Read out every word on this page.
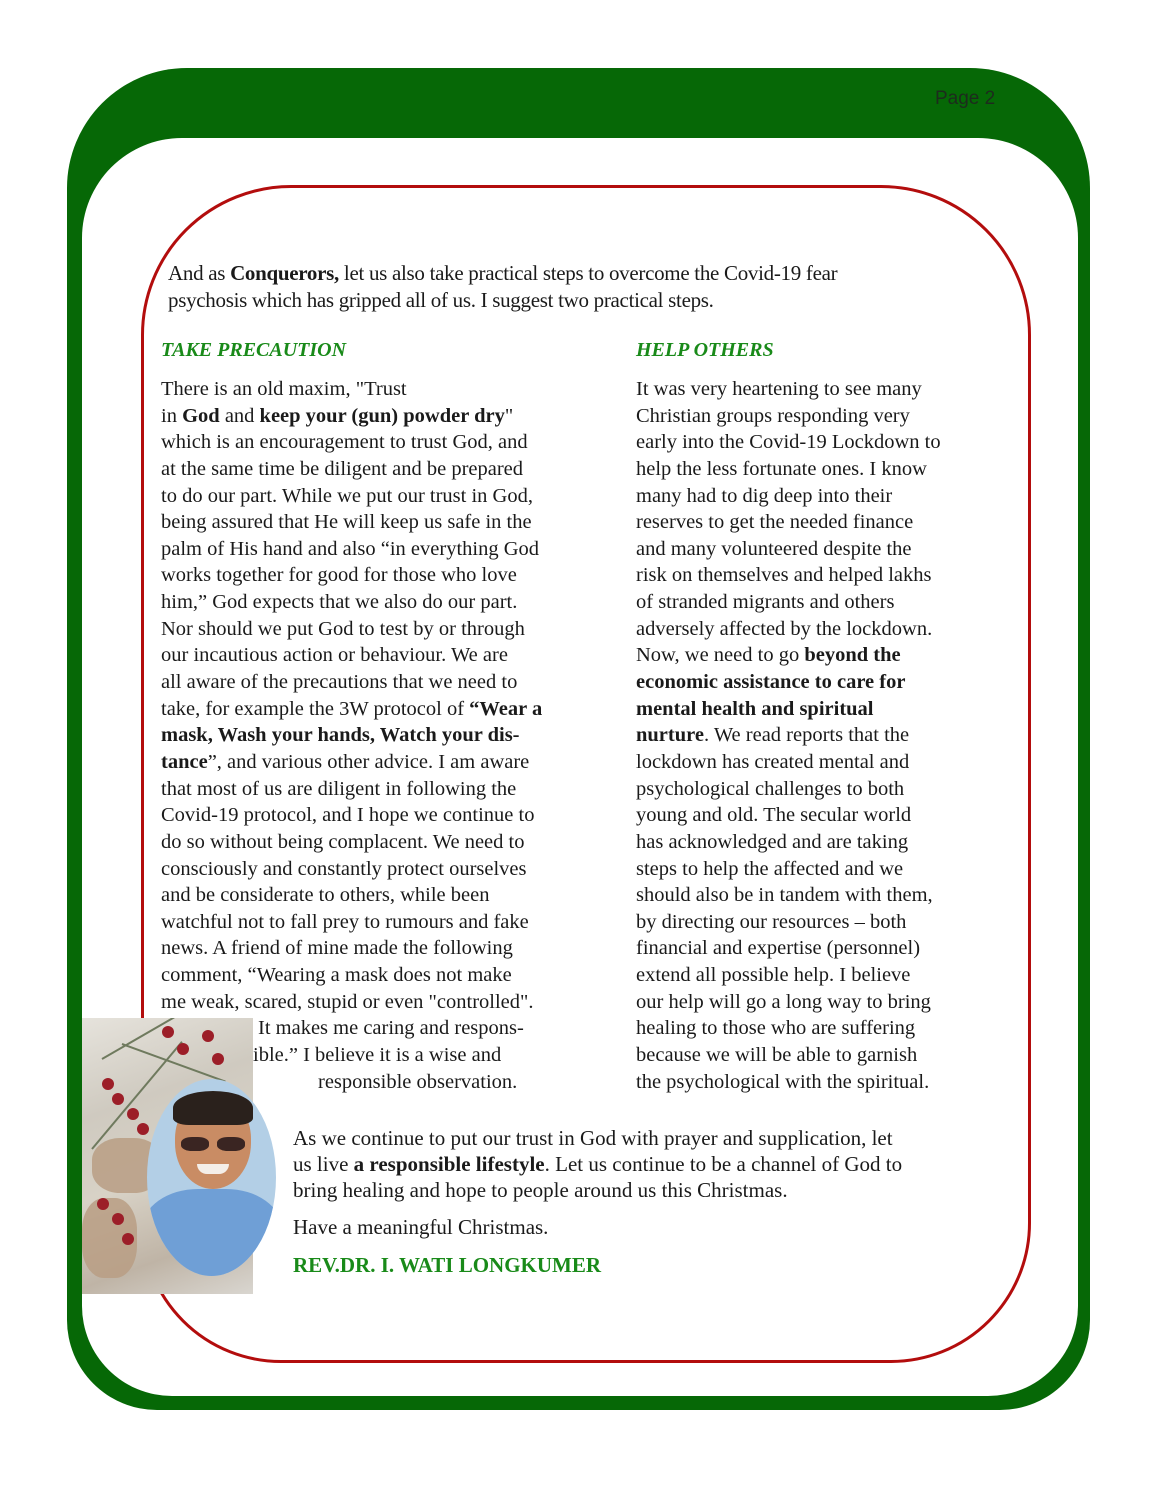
Page 2
And as Conquerors, let us also take practical steps to overcome the Covid-19 fear
psychosis which has gripped all of us. I suggest two practical steps.
TAKE PRECAUTION	HELP OTHERS
There is an old maxim, "Trust
in God and keep your (gun) powder dry"
which is an encouragement to trust God, and
at the same time be diligent and be prepared
to do our part. While we put our trust in God,
being assured that He will keep us safe in the
palm of His hand and also “in everything God
works together for good for those who love
him,” God expects that we also do our part.
Nor should we put God to test by or through
our incautious action or behaviour. We are
all aware of the precautions that we need to
take, for example the 3W protocol of “Wear a
mask, Wash your hands, Watch your dis-
tance”, and various other advice. I am aware
that most of us are diligent in following the
Covid-19 protocol, and I hope we continue to
do so without being complacent. We need to
consciously and constantly protect ourselves
and be considerate to others, while been
watchful not to fall prey to rumours and fake
news. A friend of mine made the following
comment, “Wearing a mask does not make
me weak, scared, stupid or even "controlled".
It makes me caring and respons-
ible.” I believe it is a wise and
responsible observation.
It was very heartening to see many
Christian groups responding very
early into the Covid-19 Lockdown to
help the less fortunate ones. I know
many had to dig deep into their
reserves to get the needed finance
and many volunteered despite the
risk on themselves and helped lakhs
of stranded migrants and others
adversely affected by the lockdown.
Now, we need to go beyond the
economic assistance to care for
mental health and spiritual
nurture. We read reports that the
lockdown has created mental and
psychological challenges to both
young and old. The secular world
has acknowledged and are taking
steps to help the affected and we
should also be in tandem with them,
by directing our resources – both
financial and expertise (personnel)
extend all possible help. I believe
our help will go a long way to bring
healing to those who are suffering
because we will be able to garnish
the psychological with the spiritual.
As we continue to put our trust in God with prayer and supplication, let
us live a responsible lifestyle. Let us continue to be a channel of God to
bring healing and hope to people around us this Christmas.
Have a meaningful Christmas.
REV.DR. I. WATI LONGKUMER
